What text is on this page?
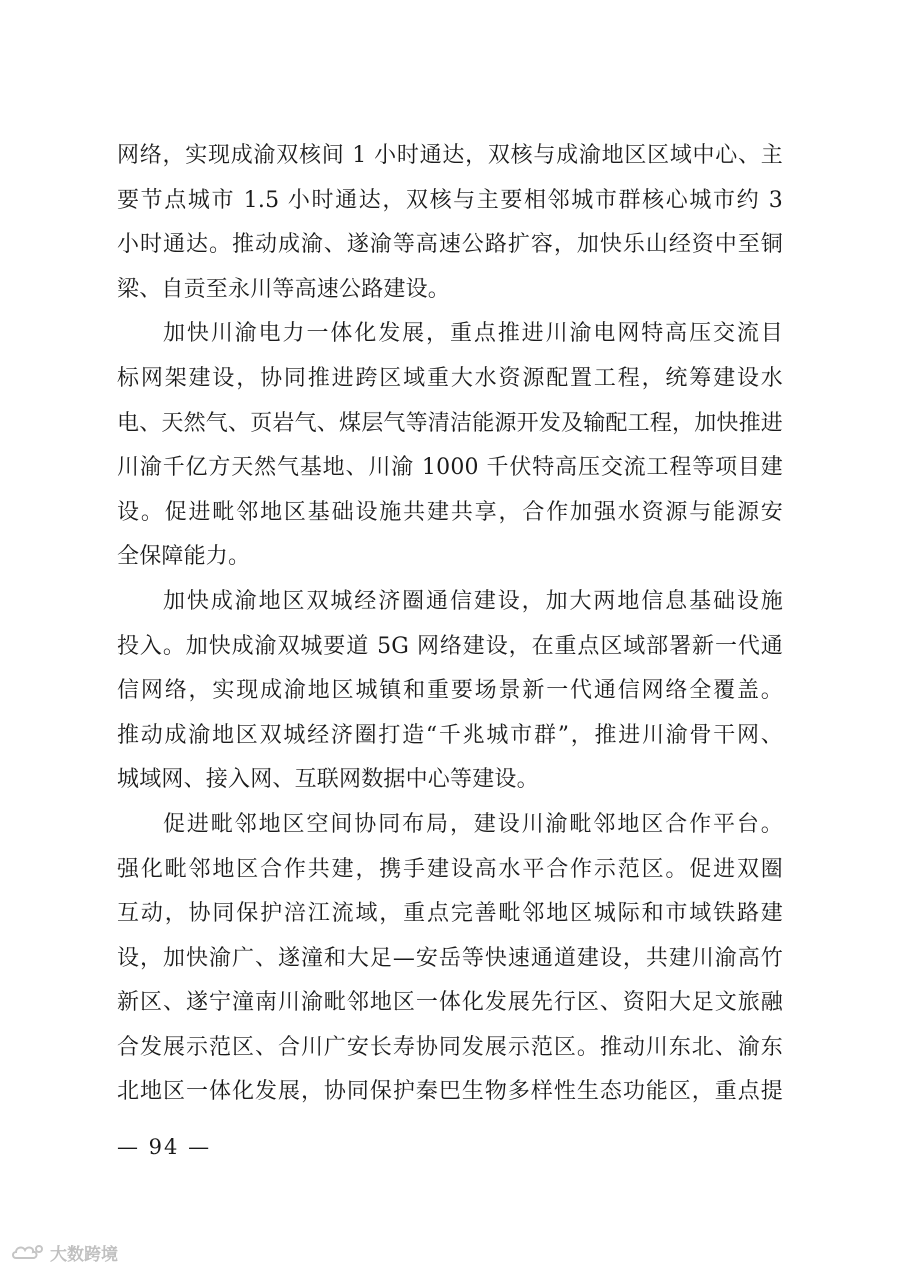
网络，实现成渝双核间 1 小时通达，双核与成渝地区区域中心、主
要节点城市 1.5 小时通达，双核与主要相邻城市群核心城市约 3
小时通达。推动成渝、遂渝等高速公路扩容，加快乐山经资中至铜
梁、自贡至永川等高速公路建设。
加快川渝电力一体化发展，重点推进川渝电网特高压交流目
标网架建设，协同推进跨区域重大水资源配置工程，统筹建设水
电、天然气、页岩气、煤层气等清洁能源开发及输配工程，加快推进
川渝千亿方天然气基地、川渝 1000 千伏特高压交流工程等项目建
设。促进毗邻地区基础设施共建共享，合作加强水资源与能源安
全保障能力。
加快成渝地区双城经济圈通信建设，加大两地信息基础设施
投入。加快成渝双城要道 5G 网络建设，在重点区域部署新一代通
信网络，实现成渝地区城镇和重要场景新一代通信网络全覆盖。
推动成渝地区双城经济圈打造“千兆城市群”，推进川渝骨干网、
城域网、接入网、互联网数据中心等建设。
促进毗邻地区空间协同布局，建设川渝毗邻地区合作平台。
强化毗邻地区合作共建，携手建设高水平合作示范区。促进双圈
互动，协同保护涪江流域，重点完善毗邻地区城际和市域铁路建
设，加快渝广、遂潼和大足—安岳等快速通道建设，共建川渝高竹
新区、遂宁潼南川渝毗邻地区一体化发展先行区、资阳大足文旅融
合发展示范区、合川广安长寿协同发展示范区。推动川东北、渝东
北地区一体化发展，协同保护秦巴生物多样性生态功能区，重点提
— 94 —
大数跨境
